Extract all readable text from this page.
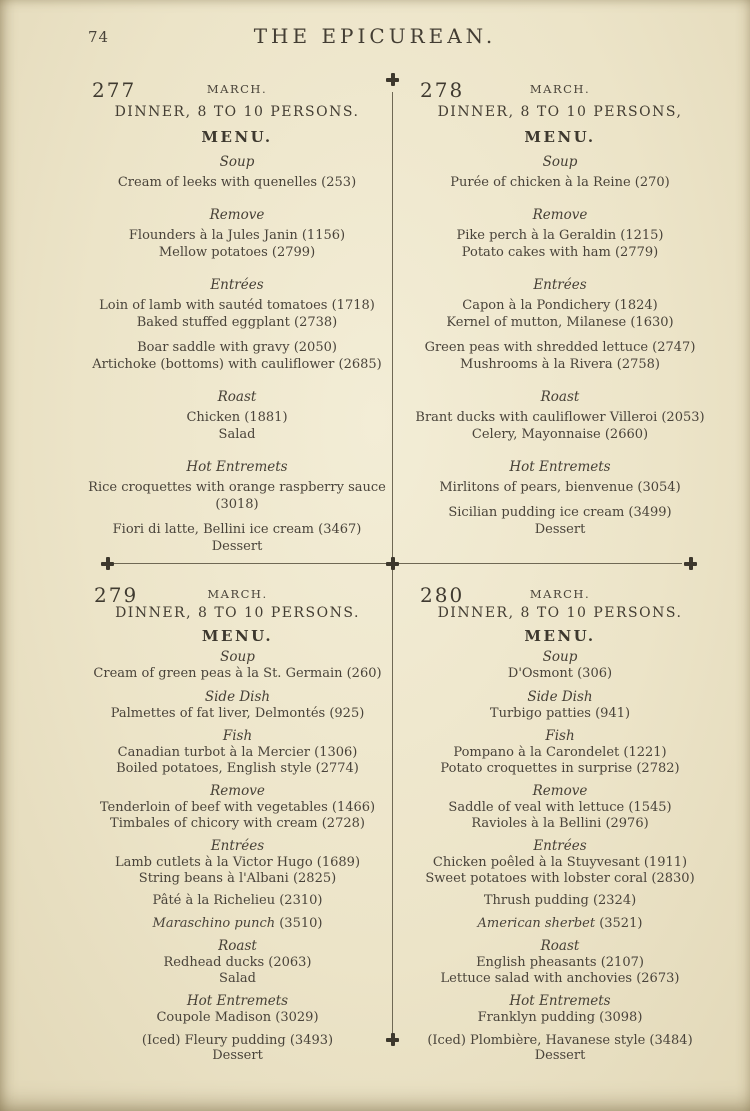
74	THE EPICUREAN.
277	MARCH.
DINNER, 8 TO 10 PERSONS.
MENU.
Soup
Cream of leeks with quenelles (253)
Remove
Flounders à la Jules Janin (1156)
Mellow potatoes (2799)
Entrées
Loin of lamb with sautéd tomatoes (1718)
Baked stuffed eggplant (2738)
Boar saddle with gravy (2050)
Artichoke (bottoms) with cauliflower (2685)
Roast
Chicken (1881)
Salad
Hot Entremets
Rice croquettes with orange raspberry sauce
(3018)
Fiori di latte, Bellini ice cream (3467)
Dessert
278	MARCH.
DINNER, 8 TO 10 PERSONS,
MENU.
Soup
Purée of chicken à la Reine (270)
Remove
Pike perch à la Geraldin (1215)
Potato cakes with ham (2779)
Entrées
Capon à la Pondichery (1824)
Kernel of mutton, Milanese (1630)
Green peas with shredded lettuce (2747)
Mushrooms à la Rivera (2758)
Roast
Brant ducks with cauliflower Villeroi (2053)
Celery, Mayonnaise (2660)
Hot Entremets
Mirlitons of pears, bienvenue (3054)
Sicilian pudding ice cream (3499)
Dessert
279	MARCH.
DINNER, 8 TO 10 PERSONS.
MENU.
Soup
Cream of green peas à la St. Germain (260)
Side Dish
Palmettes of fat liver, Delmontés (925)
Fish
Canadian turbot à la Mercier (1306)
Boiled potatoes, English style (2774)
Remove
Tenderloin of beef with vegetables (1466)
Timbales of chicory with cream (2728)
Entrées
Lamb cutlets à la Victor Hugo (1689)
String beans à l'Albani (2825)
Pâté à la Richelieu (2310)
Maraschino punch (3510)
Roast
Redhead ducks (2063)
Salad
Hot Entremets
Coupole Madison (3029)
(Iced) Fleury pudding (3493)
Dessert
280	MARCH.
DINNER, 8 TO 10 PERSONS.
MENU.
Soup
D'Osmont (306)
Side Dish
Turbigo patties (941)
Fish
Pompano à la Carondelet (1221)
Potato croquettes in surprise (2782)
Remove
Saddle of veal with lettuce (1545)
Ravioles à la Bellini (2976)
Entrées
Chicken poêled à la Stuyvesant (1911)
Sweet potatoes with lobster coral (2830)
Thrush pudding (2324)
American sherbet (3521)
Roast
English pheasants (2107)
Lettuce salad with anchovies (2673)
Hot Entremets
Franklyn pudding (3098)
(Iced) Plombière, Havanese style (3484)
Dessert
